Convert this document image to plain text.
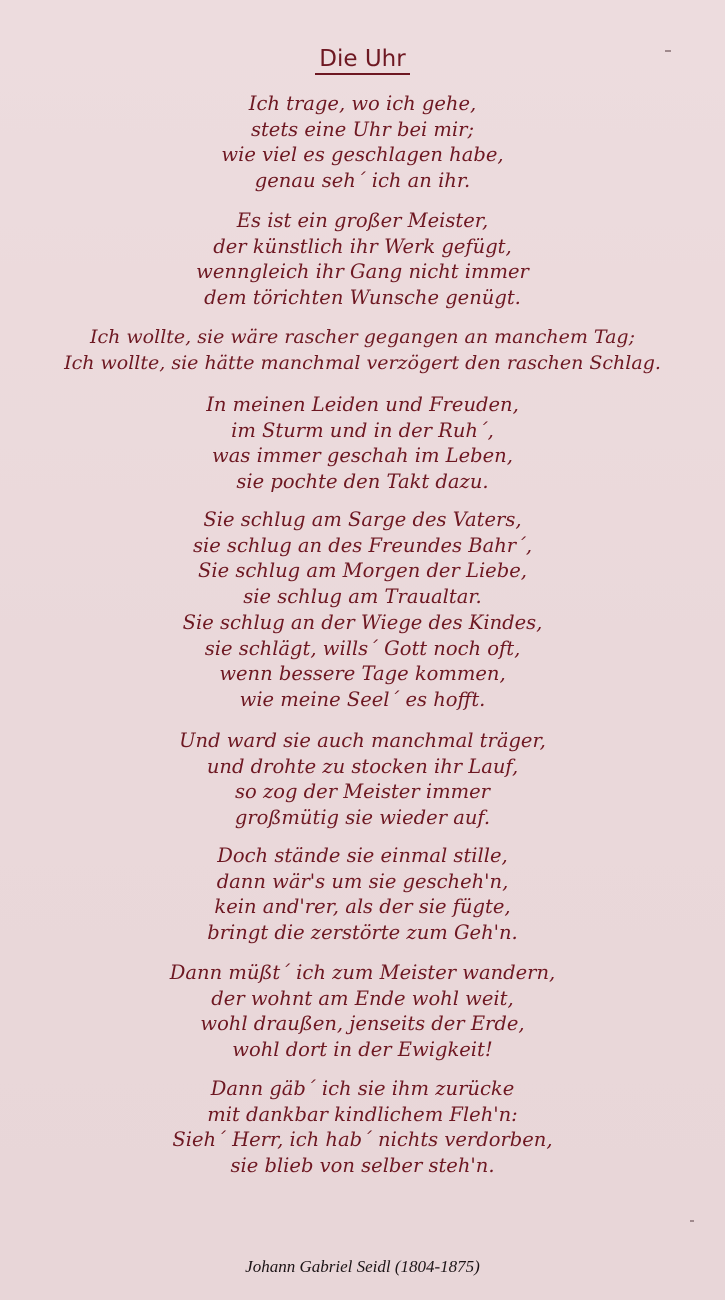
Die Uhr
Ich trage, wo ich gehe,
stets eine Uhr bei mir;
wie viel es geschlagen habe,
genau seh´ ich an ihr.
Es ist ein großer Meister,
der künstlich ihr Werk gefügt,
wenngleich ihr Gang nicht immer
dem törichten Wunsche genügt.
Ich wollte, sie wäre rascher gegangen an manchem Tag;
Ich wollte, sie hätte manchmal verzögert den raschen Schlag.
In meinen Leiden und Freuden,
im Sturm und in der Ruh´,
was immer geschah im Leben,
sie pochte den Takt dazu.
Sie schlug am Sarge des Vaters,
sie schlug an des Freundes Bahr´,
Sie schlug am Morgen der Liebe,
sie schlug am Traualtar.
Sie schlug an der Wiege des Kindes,
sie schlägt, wills´ Gott noch oft,
wenn bessere Tage kommen,
wie meine Seel´ es hofft.
Und ward sie auch manchmal träger,
und drohte zu stocken ihr Lauf,
so zog der Meister immer
großmütig sie wieder auf.
Doch stände sie einmal stille,
dann wär's um sie gescheh'n,
kein and'rer, als der sie fügte,
bringt die zerstörte zum Geh'n.
Dann müßt´ ich zum Meister wandern,
der wohnt am Ende wohl weit,
wohl draußen, jenseits der Erde,
wohl dort in der Ewigkeit!
Dann gäb´ ich sie ihm zurücke
mit dankbar kindlichem Fleh'n:
Sieh´ Herr, ich hab´ nichts verdorben,
sie blieb von selber steh'n.
Johann Gabriel Seidl (1804-1875)
